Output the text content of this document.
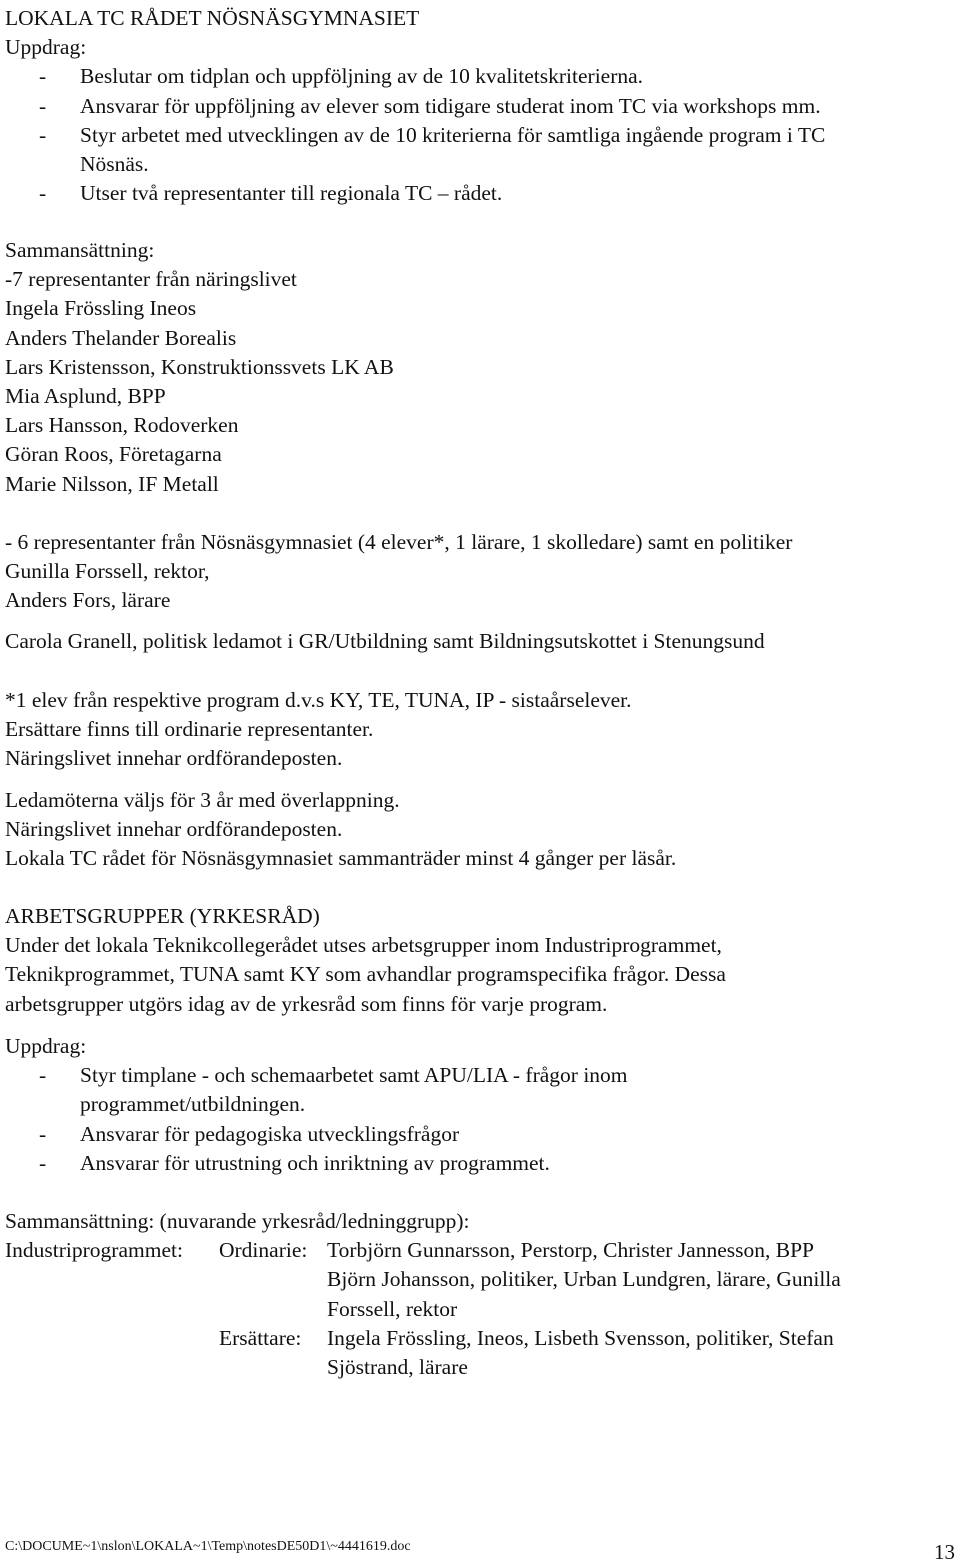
LOKALA TC RÅDET NÖSNÄSGYMNASIET
Uppdrag:
-	Beslutar om tidplan och uppföljning av de 10 kvalitetskriterierna.
-	Ansvarar för uppföljning av elever som tidigare studerat inom TC via workshops mm.
-	Styr arbetet med utvecklingen av de 10 kriterierna för samtliga ingående program i TC
Nösnäs.
-	Utser två representanter till regionala TC – rådet.
Sammansättning:
-7 representanter från näringslivet
Ingela Frössling Ineos
Anders Thelander Borealis
Lars Kristensson, Konstruktionssvets LK AB
Mia Asplund, BPP
Lars Hansson, Rodoverken
Göran Roos, Företagarna
Marie Nilsson, IF Metall
- 6 representanter från Nösnäsgymnasiet (4 elever*, 1 lärare, 1 skolledare) samt en politiker
Gunilla Forssell, rektor,
Anders Fors, lärare
Carola Granell, politisk ledamot i GR/Utbildning samt Bildningsutskottet i Stenungsund
*1 elev från respektive program d.v.s KY, TE, TUNA, IP - sistaårselever.
Ersättare finns till ordinarie representanter.
Näringslivet innehar ordförandeposten.
Ledamöterna väljs för 3 år med överlappning.
Näringslivet innehar ordförandeposten.
Lokala TC rådet för Nösnäsgymnasiet sammanträder minst 4 gånger per läsår.
ARBETSGRUPPER (YRKESRÅD)
Under det lokala Teknikcollegerådet utses arbetsgrupper inom Industriprogrammet,
Teknikprogrammet, TUNA samt KY som avhandlar programspecifika frågor. Dessa
arbetsgrupper utgörs idag av de yrkesråd som finns för varje program.
Uppdrag:
-	Styr timplane - och schemaarbetet samt APU/LIA - frågor inom
programmet/utbildningen.
-	Ansvarar för pedagogiska utvecklingsfrågor
-	Ansvarar för utrustning och inriktning av programmet.
Sammansättning: (nuvarande yrkesråd/ledninggrupp):
Industriprogrammet:	Ordinarie: Torbjörn Gunnarsson, Perstorp, Christer Jannesson, BPP
Björn Johansson, politiker, Urban Lundgren, lärare, Gunilla
Forssell, rektor
Ersättare:	Ingela Frössling, Ineos, Lisbeth Svensson, politiker, Stefan
Sjöstrand, lärare
C:\DOCUME~1\nslon\LOKALA~1\Temp\notesDE50D1\~4441619.doc	13
